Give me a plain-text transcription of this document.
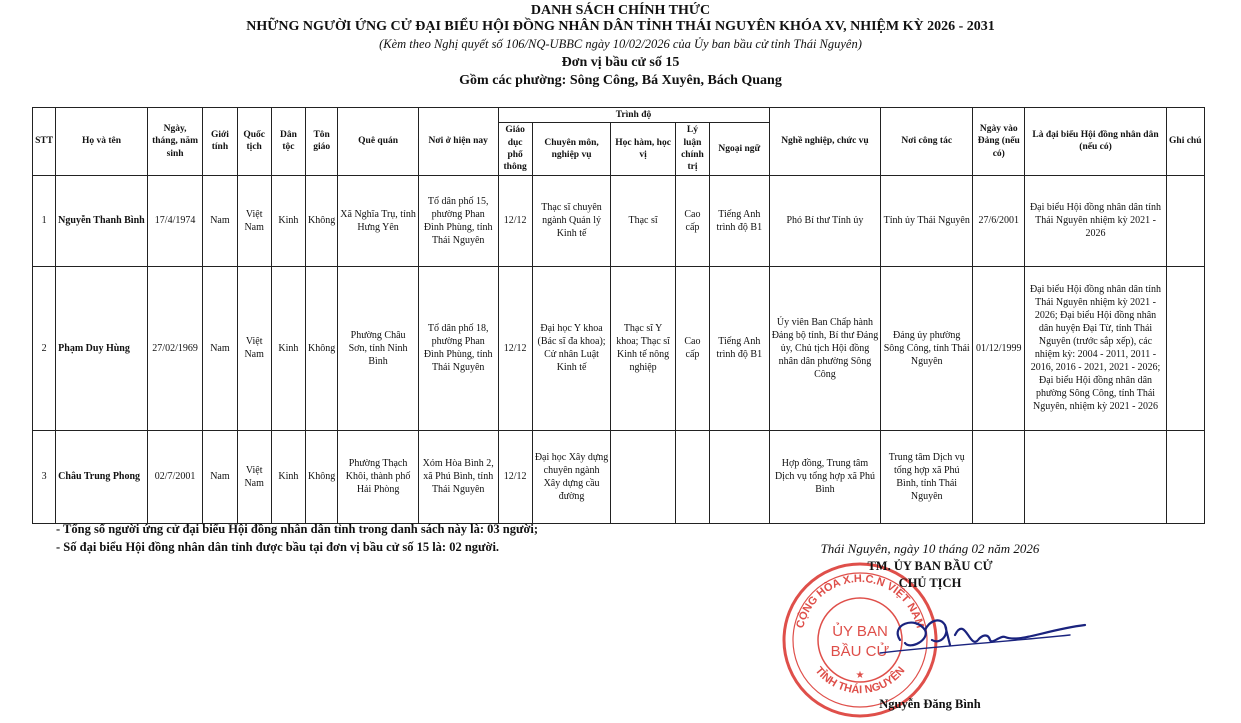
DANH SÁCH CHÍNH THỨC
NHỮNG NGƯỜI ỨNG CỬ ĐẠI BIỂU HỘI ĐỒNG NHÂN DÂN TỈNH THÁI NGUYÊN KHÓA XV, NHIỆM KỲ 2026 - 2031
(Kèm theo Nghị quyết số 106/NQ-UBBC ngày 10/02/2026 của Ủy ban bầu cử tỉnh Thái Nguyên)
Đơn vị bầu cử số 15
Gồm các phường: Sông Công, Bá Xuyên, Bách Quang
STT	Họ và tên	Ngày, tháng, năm sinh	Giới tính	Quốc tịch	Dân tộc	Tôn giáo	Quê quán	Nơi ở hiện nay	Trình độ					Nghề nghiệp, chức vụ	Nơi công tác	Ngày vào Đảng (nếu có)	Là đại biểu Hội đồng nhân dân (nếu có)	Ghi chú
									Giáo dục phổ thông	Chuyên môn, nghiệp vụ	Học hàm, học vị	Lý luận chính trị	Ngoại ngữ					
1	Nguyễn Thanh Bình	17/4/1974	Nam	Việt Nam	Kinh	Không	Xã Nghĩa Trụ, tỉnh Hưng Yên	Tổ dân phố 15, phường Phan Đình Phùng, tỉnh Thái Nguyên	12/12	Thạc sĩ chuyên ngành Quản lý Kinh tế	Thạc sĩ	Cao cấp	Tiếng Anh trình độ B1	Phó Bí thư Tỉnh ủy	Tỉnh ủy Thái Nguyên	27/6/2001	Đại biểu Hội đồng nhân dân tỉnh Thái Nguyên nhiệm kỳ 2021 - 2026	
2	Phạm Duy Hùng	27/02/1969	Nam	Việt Nam	Kinh	Không	Phường Châu Sơn, tỉnh Ninh Bình	Tổ dân phố 18, phường Phan Đình Phùng, tỉnh Thái Nguyên	12/12	Đại học Y khoa (Bác sĩ đa khoa); Cử nhân Luật Kinh tế	Thạc sĩ Y khoa; Thạc sĩ Kinh tế nông nghiệp	Cao cấp	Tiếng Anh trình độ B1	Ủy viên Ban Chấp hành Đảng bộ tỉnh, Bí thư Đảng ủy, Chủ tịch Hội đồng nhân dân phường Sông Công	Đảng ủy phường Sông Công, tỉnh Thái Nguyên	01/12/1999	Đại biểu Hội đồng nhân dân tỉnh Thái Nguyên nhiệm kỳ 2021 - 2026; Đại biểu Hội đồng nhân dân huyện Đại Từ, tỉnh Thái Nguyên (trước sắp xếp), các nhiệm kỳ: 2004 - 2011, 2011 - 2016, 2016 - 2021, 2021 - 2026; Đại biểu Hội đồng nhân dân phường Sông Công, tỉnh Thái Nguyên, nhiệm kỳ 2021 - 2026	
3	Châu Trung Phong	02/7/2001	Nam	Việt Nam	Kinh	Không	Phường Thạch Khôi, thành phố Hải Phòng	Xóm Hòa Bình 2, xã Phú Bình, tỉnh Thái Nguyên	12/12	Đại học Xây dựng chuyên ngành Xây dựng cầu đường				Hợp đồng, Trung tâm Dịch vụ tổng hợp xã Phú Bình	Trung tâm Dịch vụ tổng hợp xã Phú Bình, tỉnh Thái Nguyên			
- Tổng số người ứng cử đại biểu Hội đồng nhân dân tỉnh trong danh sách này là: 03 người;
- Số đại biểu Hội đồng nhân dân tỉnh được bầu tại đơn vị bầu cử số 15 là: 02 người.
CỘNG HÒA X.H.C.N VIỆT NAM
TỈNH THÁI NGUYÊN
ỦY BAN
BẦU CỬ
★
Thái Nguyên, ngày 10 tháng 02 năm 2026
TM. ỦY BAN BẦU CỬ
CHỦ TỊCH
Nguyễn Đăng Bình
